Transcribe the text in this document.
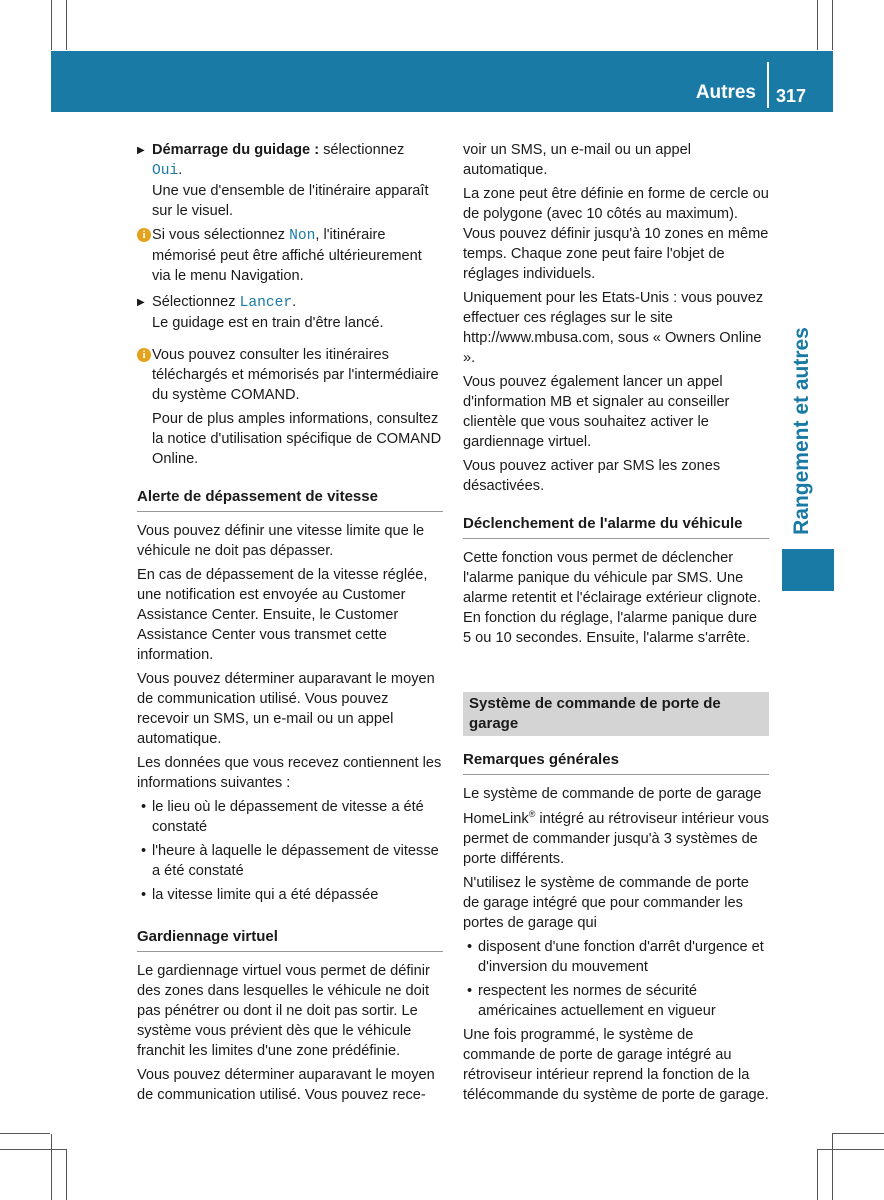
Autres 317
Rangement et autres
▶ Démarrage du guidage : sélectionnez
Oui.
Une vue d'ensemble de l'itinéraire apparaît sur le visuel.
i Si vous sélectionnez Non, l'itinéraire mémorisé peut être affiché ultérieurement via le menu Navigation.
▶ Sélectionnez Lancer.
Le guidage est en train d'être lancé.
i Vous pouvez consulter les itinéraires téléchargés et mémorisés par l'intermédiaire du système COMAND.

Pour de plus amples informations, consultez la notice d'utilisation spécifique de COMAND Online.

Alerte de dépassement de vitesse

Vous pouvez définir une vitesse limite que le véhicule ne doit pas dépasser.

En cas de dépassement de la vitesse réglée, une notification est envoyée au Customer Assistance Center. Ensuite, le Customer Assistance Center vous transmet cette information.

Vous pouvez déterminer auparavant le moyen de communication utilisé. Vous pouvez recevoir un SMS, un e-mail ou un appel automatique.

Les données que vous recevez contiennent les informations suivantes :

• le lieu où le dépassement de vitesse a été constaté
• l'heure à laquelle le dépassement de vitesse a été constaté
• la vitesse limite qui a été dépassée
Gardiennage virtuel

Le gardiennage virtuel vous permet de définir des zones dans lesquelles le véhicule ne doit pas pénétrer ou dont il ne doit pas sortir. Le système vous prévient dès que le véhicule franchit les limites d'une zone prédéfinie.

Vous pouvez déterminer auparavant le moyen de communication utilisé. Vous pouvez rece-

voir un SMS, un e-mail ou un appel automatique.

La zone peut être définie en forme de cercle ou de polygone (avec 10 côtés au maximum). Vous pouvez définir jusqu'à 10 zones en même temps. Chaque zone peut faire l'objet de réglages individuels.

Uniquement pour les Etats-Unis : vous pouvez effectuer ces réglages sur le site http://www.mbusa.com, sous « Owners Online ».

Vous pouvez également lancer un appel d'information MB et signaler au conseiller clientèle que vous souhaitez activer le gardiennage virtuel.

Vous pouvez activer par SMS les zones désactivées.

Déclenchement de l'alarme du véhicule

Cette fonction vous permet de déclencher l'alarme panique du véhicule par SMS. Une alarme retentit et l'éclairage extérieur clignote. En fonction du réglage, l'alarme panique dure 5 ou 10 secondes. Ensuite, l'alarme s'arrête.

Système de commande de porte de garage
Remarques générales

Le système de commande de porte de garage HomeLink® intégré au rétroviseur intérieur vous permet de commander jusqu'à 3 systèmes de porte différents.

N'utilisez le système de commande de porte de garage intégré que pour commander les portes de garage qui

• disposent d'une fonction d'arrêt d'urgence et d'inversion du mouvement
• respectent les normes de sécurité américaines actuellement en vigueur

Une fois programmé, le système de commande de porte de garage intégré au rétroviseur intérieur reprend la fonction de la télécommande du système de porte de garage.
